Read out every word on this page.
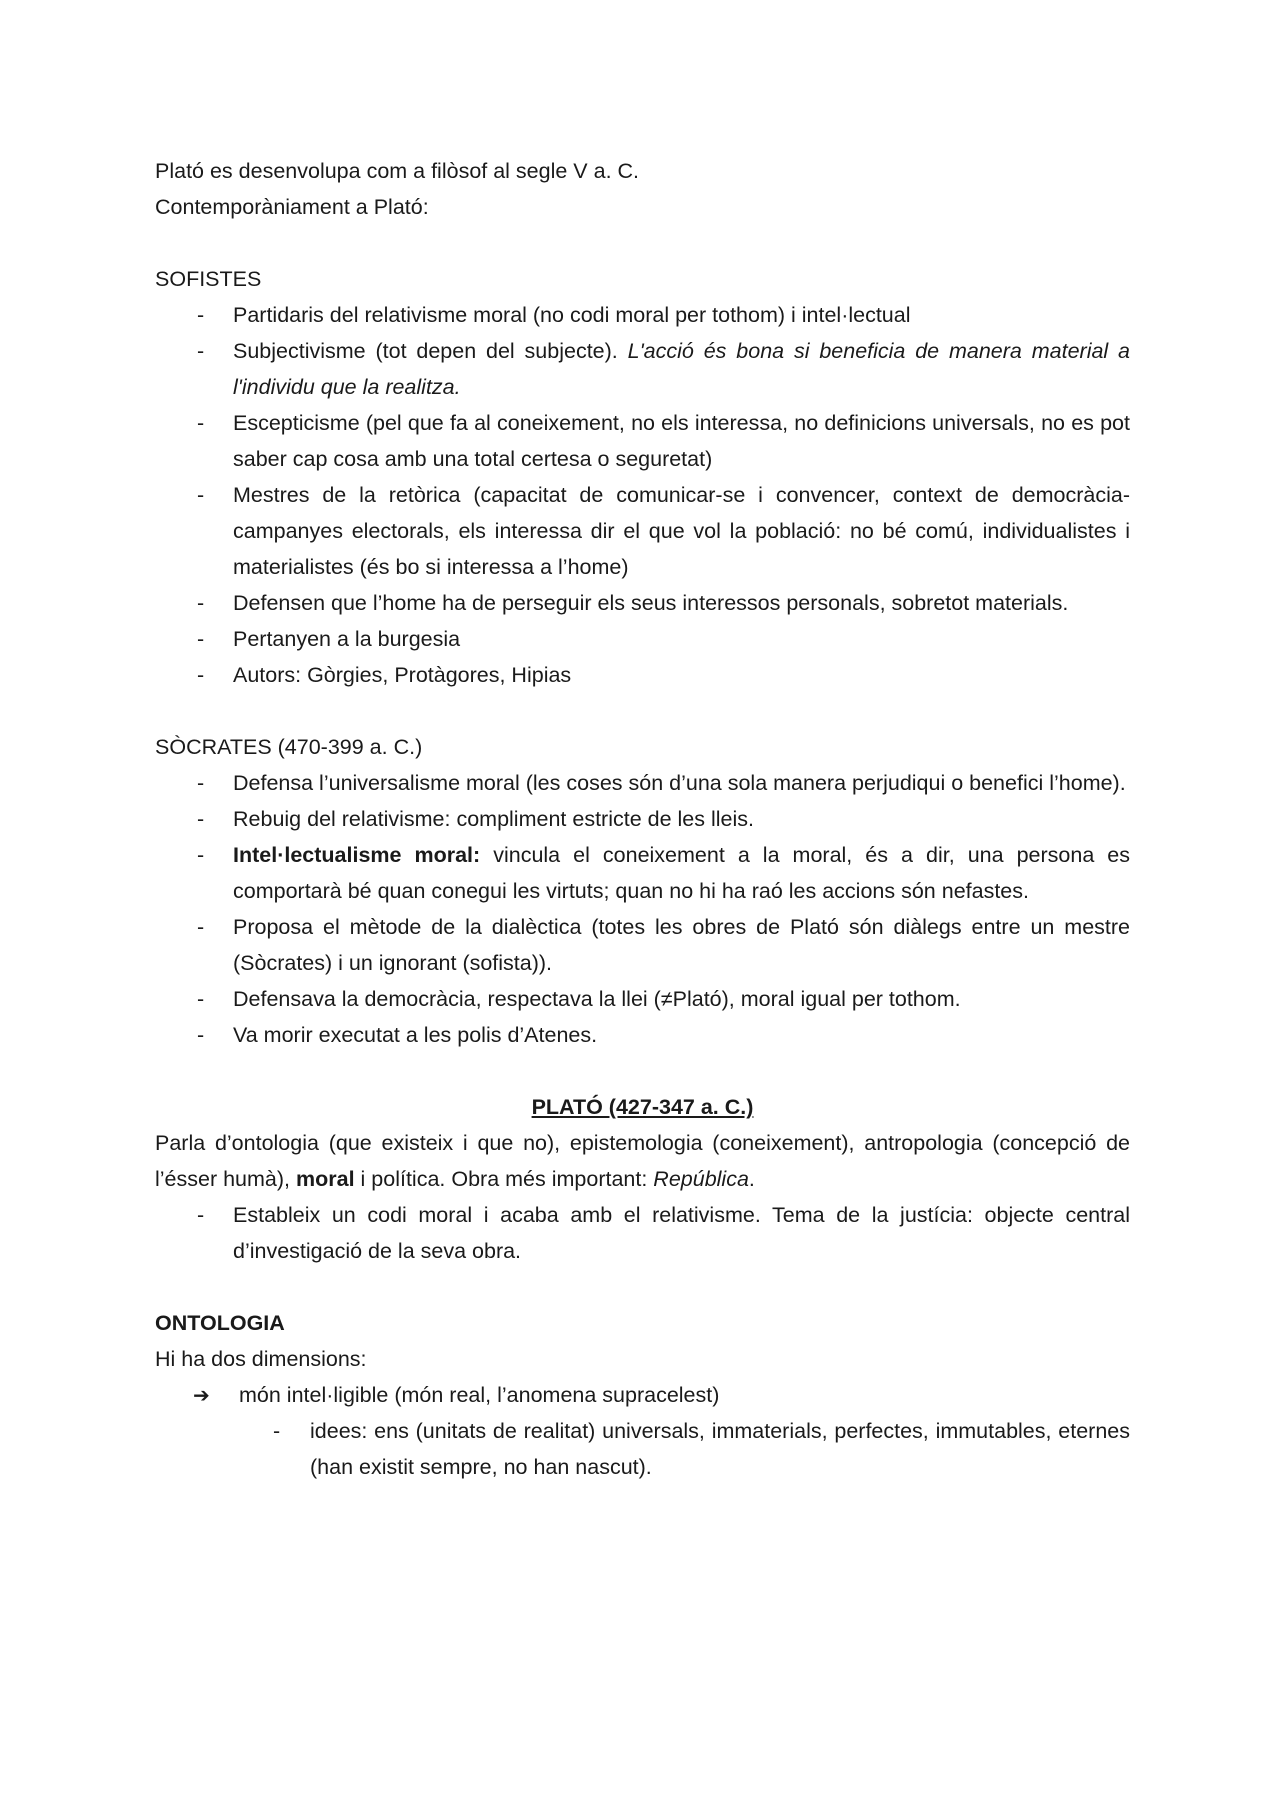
Plató es desenvolupa com a filòsof al segle V a. C.

Contemporàniament a Plató:

SOFISTES

- Partidaris del relativisme moral (no codi moral per tothom) i intel·lectual
- Subjectivisme (tot depen del subjecte). L'acció és bona si beneficia de manera material a l'individu que la realitza.
- Escepticisme (pel que fa al coneixement, no els interessa, no definicions universals, no es pot saber cap cosa amb una total certesa o seguretat)
- Mestres de la retòrica (capacitat de comunicar-se i convencer, context de democràcia- campanyes electorals, els interessa dir el que vol la població: no bé comú, individualistes i materialistes (és bo si interessa a l’home)
- Defensen que l’home ha de perseguir els seus interessos personals, sobretot materials.
- Pertanyen a la burgesia
- Autors: Gòrgies, Protàgores, Hipias

SÒCRATES (470-399 a. C.)

- Defensa l’universalisme moral (les coses són d’una sola manera perjudiqui o benefici l’home).
- Rebuig del relativisme: compliment estricte de les lleis.
- Intel·lectualisme moral: vincula el coneixement a la moral, és a dir, una persona es comportarà bé quan conegui les virtuts; quan no hi ha raó les accions són nefastes.
- Proposa el mètode de la dialèctica (totes les obres de Plató són diàlegs entre un mestre (Sòcrates) i un ignorant (sofista)).
- Defensava la democràcia, respectava la llei (≠Plató), moral igual per tothom.
- Va morir executat a les polis d’Atenes.

PLATÓ (427-347 a. C.)

Parla d’ontologia (que existeix i que no), epistemologia (coneixement), antropologia (concepció de l’ésser humà), moral i política. Obra més important: República.

- Estableix un codi moral i acaba amb el relativisme. Tema de la justícia: objecte central d’investigació de la seva obra.

ONTOLOGIA

Hi ha dos dimensions:

➔ món intel·ligible (món real, l’anomena supracelest)
- idees: ens (unitats de realitat) universals, immaterials, perfectes, immutables, eternes (han existit sempre, no han nascut).
